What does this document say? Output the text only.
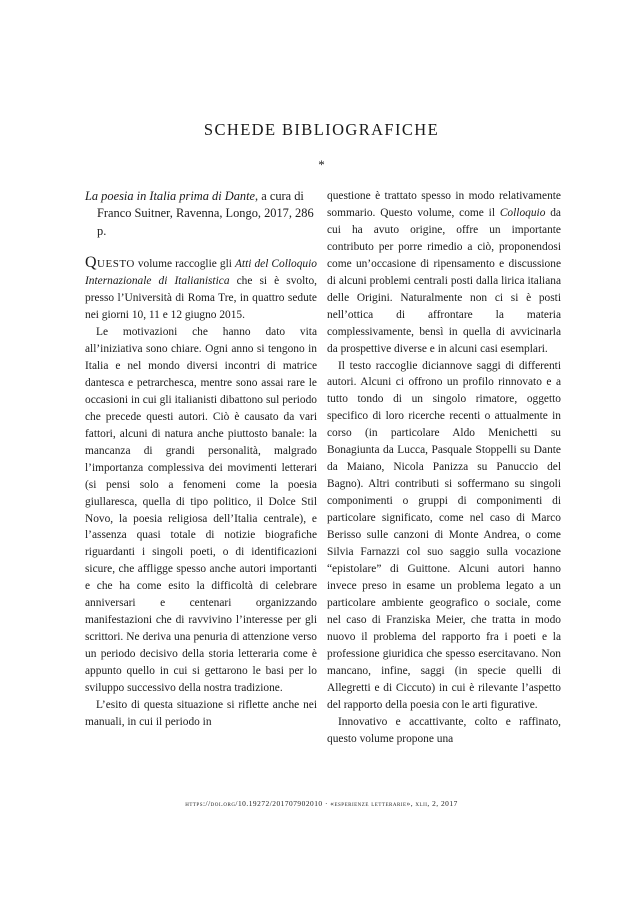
SCHEDE BIBLIOGRAFICHE
*

La poesia in Italia prima di Dante, a cura di Franco Suitner, Ravenna, Longo, 2017, 286 p.

Questo volume raccoglie gli Atti del Colloquio Internazionale di Italianistica che si è svolto, presso l’Università di Roma Tre, in quattro sedute nei giorni 10, 11 e 12 giugno 2015.

Le motivazioni che hanno dato vita all’iniziativa sono chiare. Ogni anno si tengono in Italia e nel mondo diversi incontri di matrice dantesca e petrarchesca, mentre sono assai rare le occasioni in cui gli italianisti dibattono sul periodo che precede questi autori. Ciò è causato da vari fattori, alcuni di natura anche piuttosto banale: la mancanza di grandi personalità, malgrado l’importanza complessiva dei movimenti letterari (si pensi solo a fenomeni come la poesia giullaresca, quella di tipo politico, il Dolce Stil Novo, la poesia religiosa dell’Italia centrale), e l’assenza quasi totale di notizie biografiche riguardanti i singoli poeti, o di identificazioni sicure, che affligge spesso anche autori importanti e che ha come esito la difficoltà di celebrare anniversari e centenari organizzando manifestazioni che di ravvivino l’interesse per gli scrittori. Ne deriva una penuria di attenzione verso un periodo decisivo della storia letteraria come è appunto quello in cui si gettarono le basi per lo sviluppo successivo della nostra tradizione.

L’esito di questa situazione si riflette anche nei manuali, in cui il periodo in

questione è trattato spesso in modo relativamente sommario. Questo volume, come il Colloquio da cui ha avuto origine, offre un importante contributo per porre rimedio a ciò, proponendosi come un’occasione di ripensamento e discussione di alcuni problemi centrali posti dalla lirica italiana delle Origini. Naturalmente non ci si è posti nell’ottica di affrontare la materia complessivamente, bensì in quella di avvicinarla da prospettive diverse e in alcuni casi esemplari.

Il testo raccoglie diciannove saggi di differenti autori. Alcuni ci offrono un profilo rinnovato e a tutto tondo di un singolo rimatore, oggetto specifico di loro ricerche recenti o attualmente in corso (in particolare Aldo Menichetti su Bonagiunta da Lucca, Pasquale Stoppelli su Dante da Maiano, Nicola Panizza su Panuccio del Bagno). Altri contributi si soffermano su singoli componimenti o gruppi di componimenti di particolare significato, come nel caso di Marco Berisso sulle canzoni di Monte Andrea, o come Silvia Farnazzi col suo saggio sulla vocazione “epistolare” di Guittone. Alcuni autori hanno invece preso in esame un problema legato a un particolare ambiente geografico o sociale, come nel caso di Franziska Meier, che tratta in modo nuovo il problema del rapporto fra i poeti e la professione giuridica che spesso esercitavano. Non mancano, infine, saggi (in specie quelli di Allegretti e di Ciccuto) in cui è rilevante l’aspetto del rapporto della poesia con le arti figurative.

Innovativo e accattivante, colto e raffinato, questo volume propone una

https://doi.org/10.19272/201707902010 · «esperienze letterarie», xlii, 2, 2017
